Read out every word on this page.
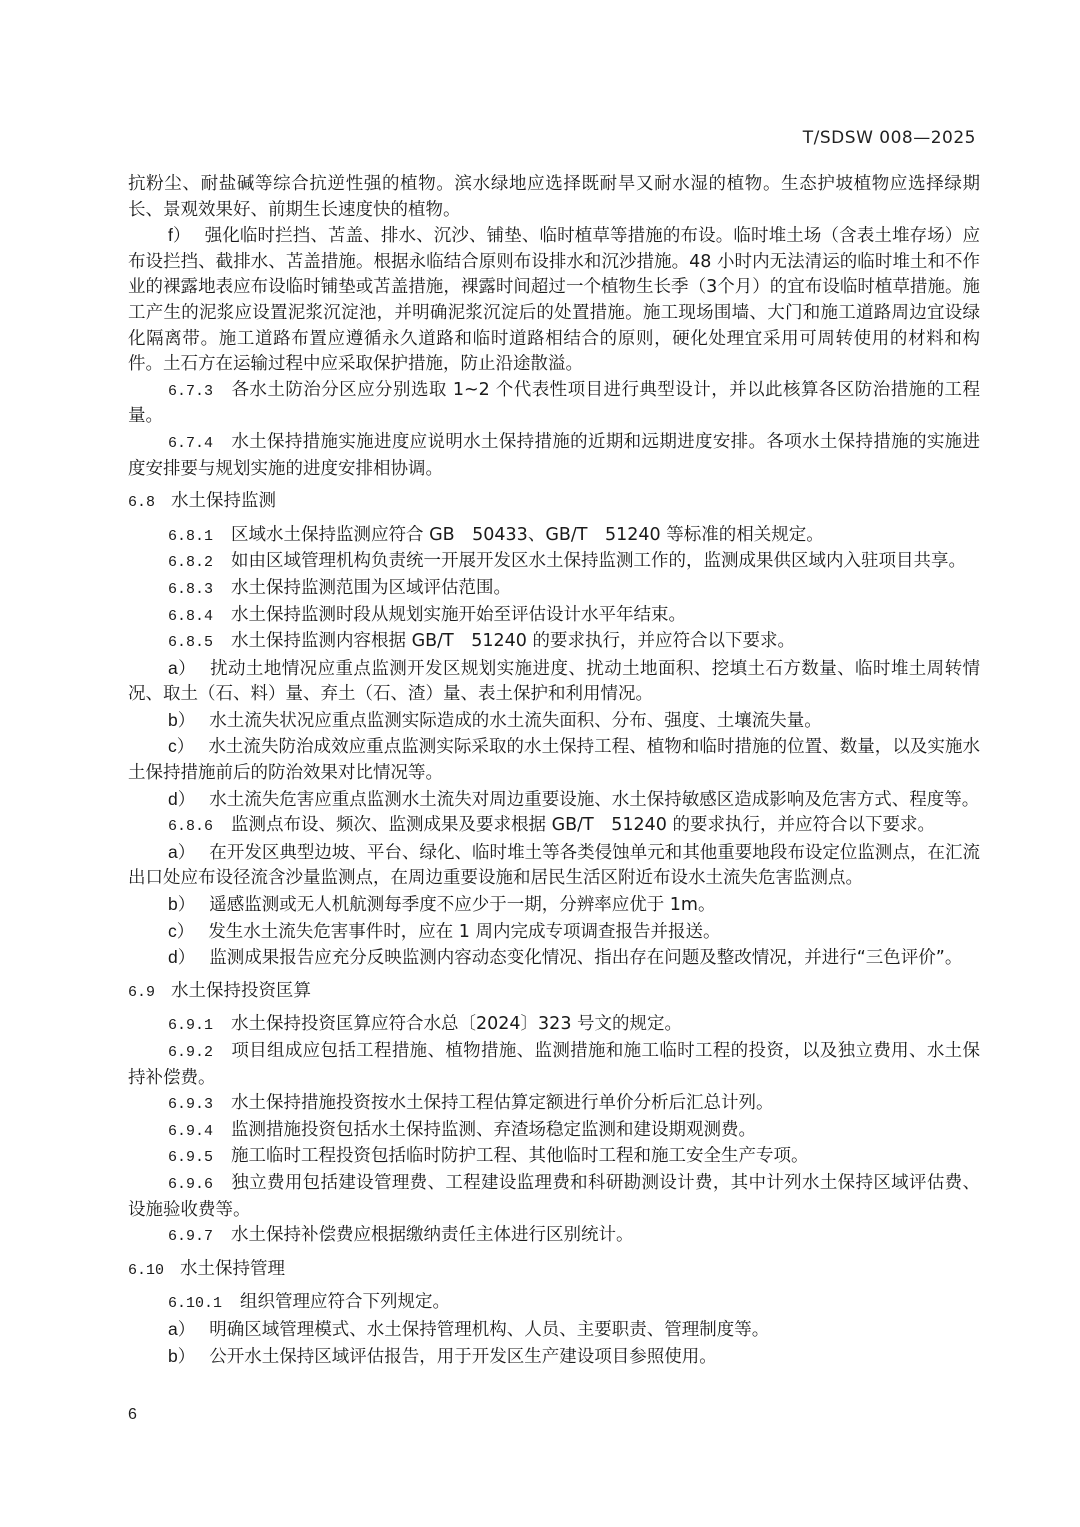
T/SDSW 008—2025

抗粉尘、耐盐碱等综合抗逆性强的植物。滨水绿地应选择既耐旱又耐水湿的植物。生态护坡植物应选择绿期长、景观效果好、前期生长速度快的植物。

f） 强化临时拦挡、苫盖、排水、沉沙、铺垫、临时植草等措施的布设。临时堆土场（含表土堆存场）应布设拦挡、截排水、苫盖措施。根据永临结合原则布设排水和沉沙措施。48 小时内无法清运的临时堆土和不作业的裸露地表应布设临时铺垫或苫盖措施，裸露时间超过一个植物生长季（3个月）的宜布设临时植草措施。施工产生的泥浆应设置泥浆沉淀池，并明确泥浆沉淀后的处置措施。施工现场围墙、大门和施工道路周边宜设绿化隔离带。施工道路布置应遵循永久道路和临时道路相结合的原则，硬化处理宜采用可周转使用的材料和构件。土石方在运输过程中应采取保护措施，防止沿途散溢。

6.7.3 各水土防治分区应分别选取 1~2 个代表性项目进行典型设计，并以此核算各区防治措施的工程量。

6.7.4 水土保持措施实施进度应说明水土保持措施的近期和远期进度安排。各项水土保持措施的实施进度安排要与规划实施的进度安排相协调。

6.8 水土保持监测

6.8.1 区域水土保持监测应符合 GB　50433、GB/T　51240 等标准的相关规定。

6.8.2 如由区域管理机构负责统一开展开发区水土保持监测工作的，监测成果供区域内入驻项目共享。

6.8.3 水土保持监测范围为区域评估范围。

6.8.4 水土保持监测时段从规划实施开始至评估设计水平年结束。

6.8.5 水土保持监测内容根据 GB/T　51240 的要求执行，并应符合以下要求。

a） 扰动土地情况应重点监测开发区规划实施进度、扰动土地面积、挖填土石方数量、临时堆土周转情况、取土（石、料）量、弃土（石、渣）量、表土保护和利用情况。

b） 水土流失状况应重点监测实际造成的水土流失面积、分布、强度、土壤流失量。

c） 水土流失防治成效应重点监测实际采取的水土保持工程、植物和临时措施的位置、数量，以及实施水土保持措施前后的防治效果对比情况等。

d） 水土流失危害应重点监测水土流失对周边重要设施、水土保持敏感区造成影响及危害方式、程度等。

6.8.6 监测点布设、频次、监测成果及要求根据 GB/T　51240 的要求执行，并应符合以下要求。

a） 在开发区典型边坡、平台、绿化、临时堆土等各类侵蚀单元和其他重要地段布设定位监测点，在汇流出口处应布设径流含沙量监测点，在周边重要设施和居民生活区附近布设水土流失危害监测点。

b） 遥感监测或无人机航测每季度不应少于一期，分辨率应优于 1m。

c） 发生水土流失危害事件时，应在 1 周内完成专项调查报告并报送。

d） 监测成果报告应充分反映监测内容动态变化情况、指出存在问题及整改情况，并进行“三色评价”。

6.9 水土保持投资匡算

6.9.1 水土保持投资匡算应符合水总〔2024〕323 号文的规定。

6.9.2 项目组成应包括工程措施、植物措施、监测措施和施工临时工程的投资，以及独立费用、水土保持补偿费。

6.9.3 水土保持措施投资按水土保持工程估算定额进行单价分析后汇总计列。

6.9.4 监测措施投资包括水土保持监测、弃渣场稳定监测和建设期观测费。

6.9.5 施工临时工程投资包括临时防护工程、其他临时工程和施工安全生产专项。

6.9.6 独立费用包括建设管理费、工程建设监理费和科研勘测设计费，其中计列水土保持区域评估费、设施验收费等。

6.9.7 水土保持补偿费应根据缴纳责任主体进行区别统计。

6.10 水土保持管理

6.10.1 组织管理应符合下列规定。

a） 明确区域管理模式、水土保持管理机构、人员、主要职责、管理制度等。

b） 公开水土保持区域评估报告，用于开发区生产建设项目参照使用。

6
